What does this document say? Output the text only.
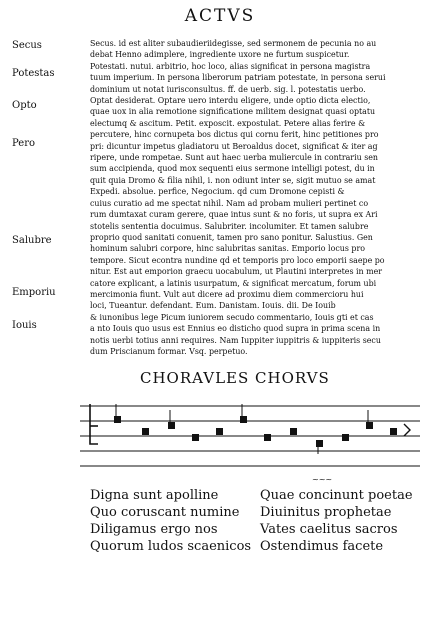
ACTVS
Secus
Potestas
Opto
Pero
Salubre
Emporiu
Iouis
Secus. id est aliter subaudieriidegisse, sed sermonem de pecunia no au
debat Henno adimplere, ingrediente uxore ne furtum suspicetur.
Potestati. nutui. arbitrio, hoc loco, alias significat in persona magistra
tuum imperium. In persona liberorum patriam potestate, in persona serui
dominium ut notat iurisconsultus. ff. de uerb. sig. l. potestatis uerbo.
Optat desiderat. Optare uero interdu eligere, unde optio dicta electio,
quae uox in alia remotione significatione militem designat quasi optatu
electumq & ascitum. Petit. exposcit. expostulat. Petere alias ferire &
percutere, hinc cornupeta bos dictus qui cornu ferit, hinc petitiones pro
pri: dicuntur impetus gladiatoru ut Beroaldus docet, significat & iter ag
ripere, unde rompetae. Sunt aut haec uerba muliercule in contrariu sen
sum accipienda, quod mox sequenti eius sermone intelligi potest, du in
quit quia Dromo & filia nihil, i. non odiunt inter se, sigit mutuo se amat
Expedi. absolue. perfice, Negocium. qd cum Dromone cepisti &
cuius curatio ad me spectat nihil. Nam ad probam mulieri pertinet co
rum dumtaxat curam gerere, quae intus sunt & no foris, ut supra ex Ari
stotelis sententia docuimus. Salubriter. incolumiter. Et tamen salubre
proprio quod sanitati conuenit, tamen pro sano ponitur. Salustius. Gen
hominum salubri corpore, hinc salubritas sanitas. Emporio locus pro
tempore. Sicut econtra nundine qd et temporis pro loco emporii saepe po
nitur. Est aut emporion graecu uocabulum, ut Plautini interpretes in mer
catore explicant, a latinis usurpatum, & significat mercatum, forum ubi
mercimonia fiunt. Vult aut dicere ad proximu diem commercioru hui
loci, Tueantur. defendant. Eum. Danistam. Iouis. dii. De Iouib
& iunonibus lege Picum iuniorem secudo commentario, Iouis gti et cas
a nto Iouis quo usus est Ennius eo disticho quod supra in prima scena in
notis uerbi totius anni requires. Nam Iuppiter iuppitris & iuppiteris secu
dum Priscianum formar. Vsq. perpetuo.
CHORAVLES CHORVS
~~~
Digna sunt apolline
Quo coruscant numine
Diligamus ergo nos
Quorum ludos scaenicos
Quae concinunt poetae
Diuinitus prophetae
Vates caelitus sacros
Ostendimus facete
